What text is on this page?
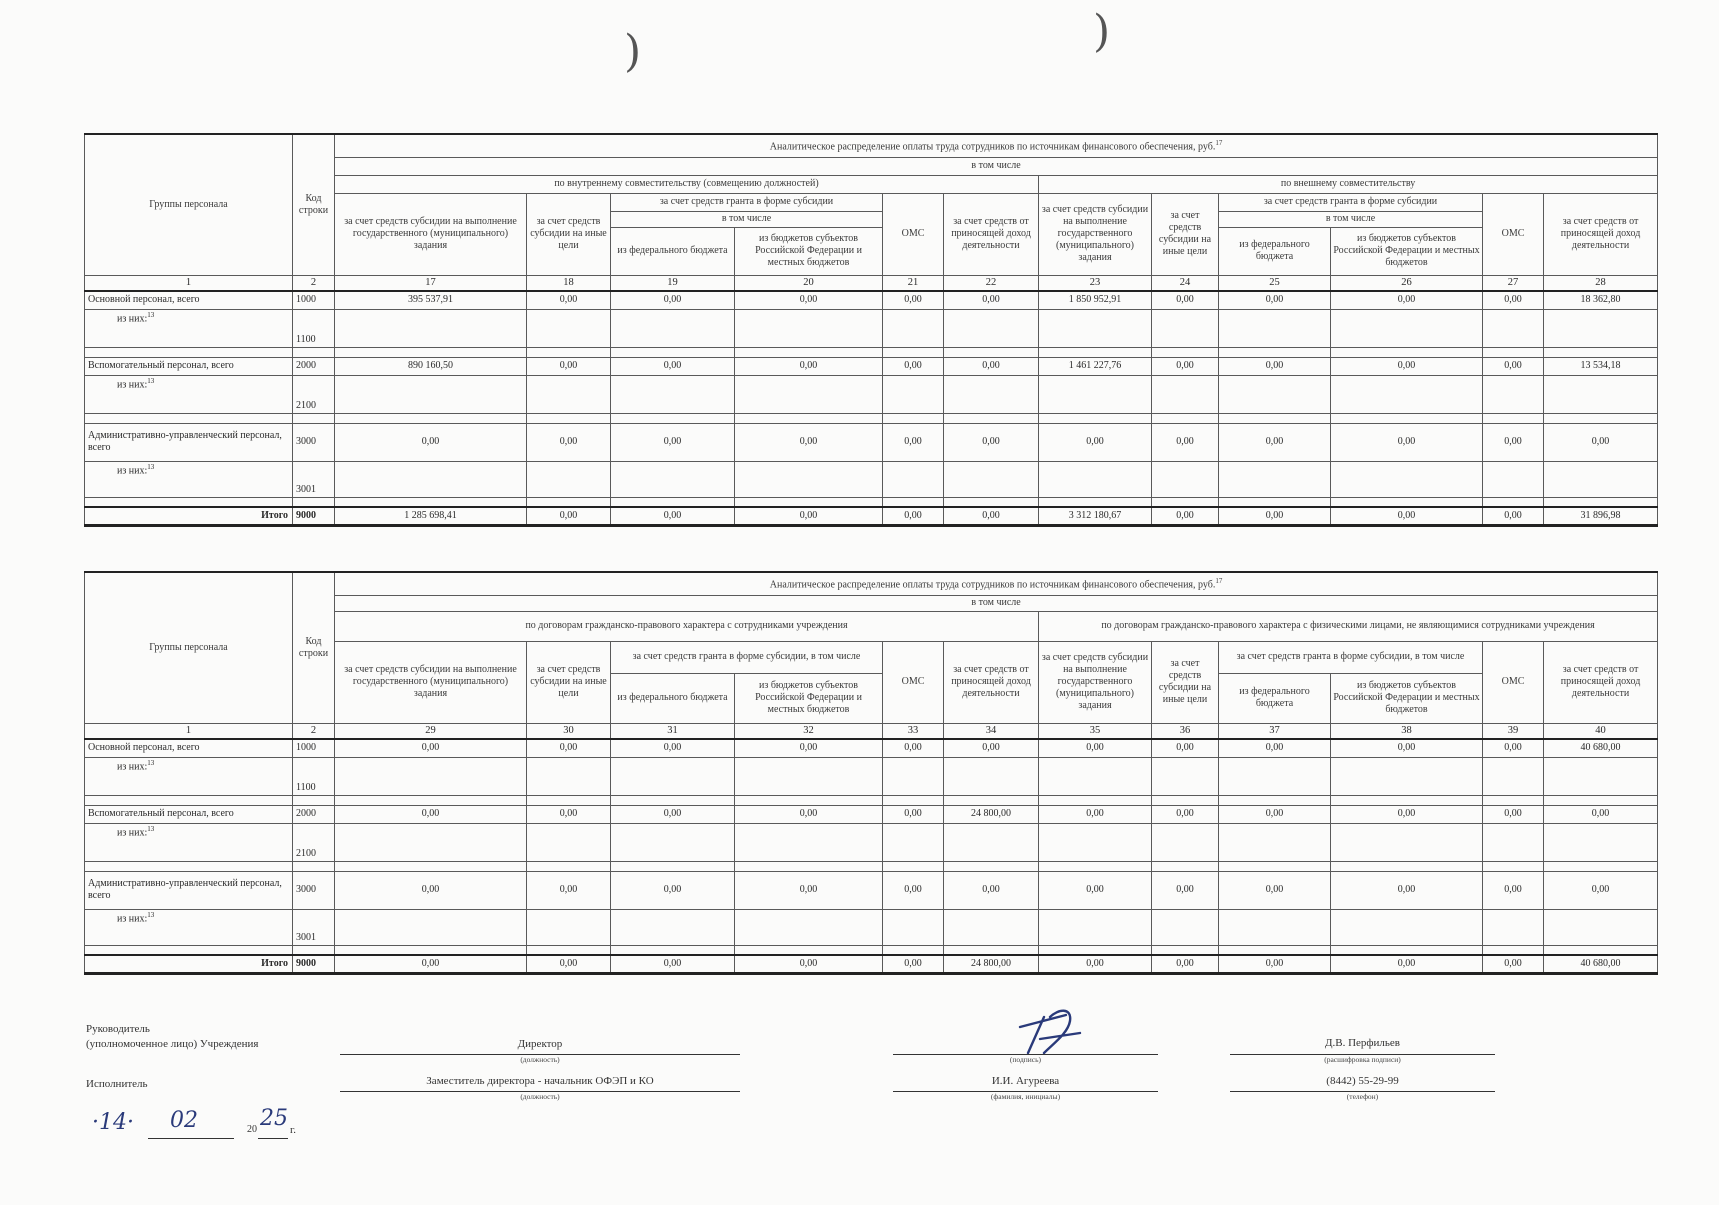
)	)
Группы персонала	Код строки	Аналитическое распределение оплаты труда сотрудников по источникам финансового обеспечения, руб.$^{17}$
		в том числе											
		по внутреннему совместительству (совмещению должностей)						по внешнему совместительству					
		за счет средств субсидии на выполнение государственного (муниципального) задания	за счет средств субсидии на иные цели	за счет средств гранта в форме субсидии		ОМС	за счет средств от приносящей доход деятельности	за счет средств субсидии на выполнение государственного (муниципального) задания	за счет средств субсидии на иные цели	за счет средств гранта в форме субсидии		ОМС	за счет средств от приносящей доход деятельности
				в том числе						в том числе			
				из федерального бюджета	из бюджетов субъектов Российской Федерации и местных бюджетов					из федерального бюджета	из бюджетов субъектов Российской Федерации и местных бюджетов		
1	2	17	18	19	20	21	22	23	24	25	26	27	28
Основной персонал, всего	1000	395 537,91	0,00	0,00	0,00	0,00	0,00	1 850 952,91	0,00	0,00	0,00	0,00	18 362,80
из них:$^{13}$	1100												

Вспомогательный персонал, всего	2000	890 160,50	0,00	0,00	0,00	0,00	0,00	1 461 227,76	0,00	0,00	0,00	0,00	13 534,18
из них:$^{13}$	2100												

Административно-управленческий персонал, всего	3000	0,00	0,00	0,00	0,00	0,00	0,00	0,00	0,00	0,00	0,00	0,00	0,00
из них:$^{13}$	3001												

Итого	9000	1 285 698,41	0,00	0,00	0,00	0,00	0,00	3 312 180,67	0,00	0,00	0,00	0,00	31 896,98
Группы персонала	Код строки	Аналитическое распределение оплаты труда сотрудников по источникам финансового обеспечения, руб.$^{17}$
		в том числе											
		по договорам гражданско-правового характера с сотрудниками учреждения						по договорам гражданско-правового характера с физическими лицами, не являющимися сотрудниками учреждения					
		за счет средств субсидии на выполнение государственного (муниципального) задания	за счет средств субсидии на иные цели	за счет средств гранта в форме субсидии, в том числе		ОМС	за счет средств от приносящей доход деятельности	за счет средств субсидии на выполнение государственного (муниципального) задания	за счет средств субсидии на иные цели	за счет средств гранта в форме субсидии, в том числе		ОМС	за счет средств от приносящей доход деятельности

				из федерального бюджета	из бюджетов субъектов Российской Федерации и местных бюджетов					из федерального бюджета	из бюджетов субъектов Российской Федерации и местных бюджетов		
1	2	29	30	31	32	33	34	35	36	37	38	39	40
Основной персонал, всего	1000	0,00	0,00	0,00	0,00	0,00	0,00	0,00	0,00	0,00	0,00	0,00	40 680,00
из них:$^{13}$	1100												

Вспомогательный персонал, всего	2000	0,00	0,00	0,00	0,00	0,00	24 800,00	0,00	0,00	0,00	0,00	0,00	0,00
из них:$^{13}$	2100												

Административно-управленческий персонал, всего	3000	0,00	0,00	0,00	0,00	0,00	0,00	0,00	0,00	0,00	0,00	0,00	0,00
из них:$^{13}$	3001												

Итого	9000	0,00	0,00	0,00	0,00	0,00	24 800,00	0,00	0,00	0,00	0,00	0,00	40 680,00
Руководитель
(уполномоченное лицо) Учреждения	Директор
(должность)	(подпись)
Д.В. Перфильев
(расшифровка подписи)
Исполнитель	Заместитель директора - начальник ОФЭП и КО
(должность)
И.И. Агуреева
(фамилия, инициалы)
(8442) 55-29-99
(телефон)
·14· 02	20 25 г.
